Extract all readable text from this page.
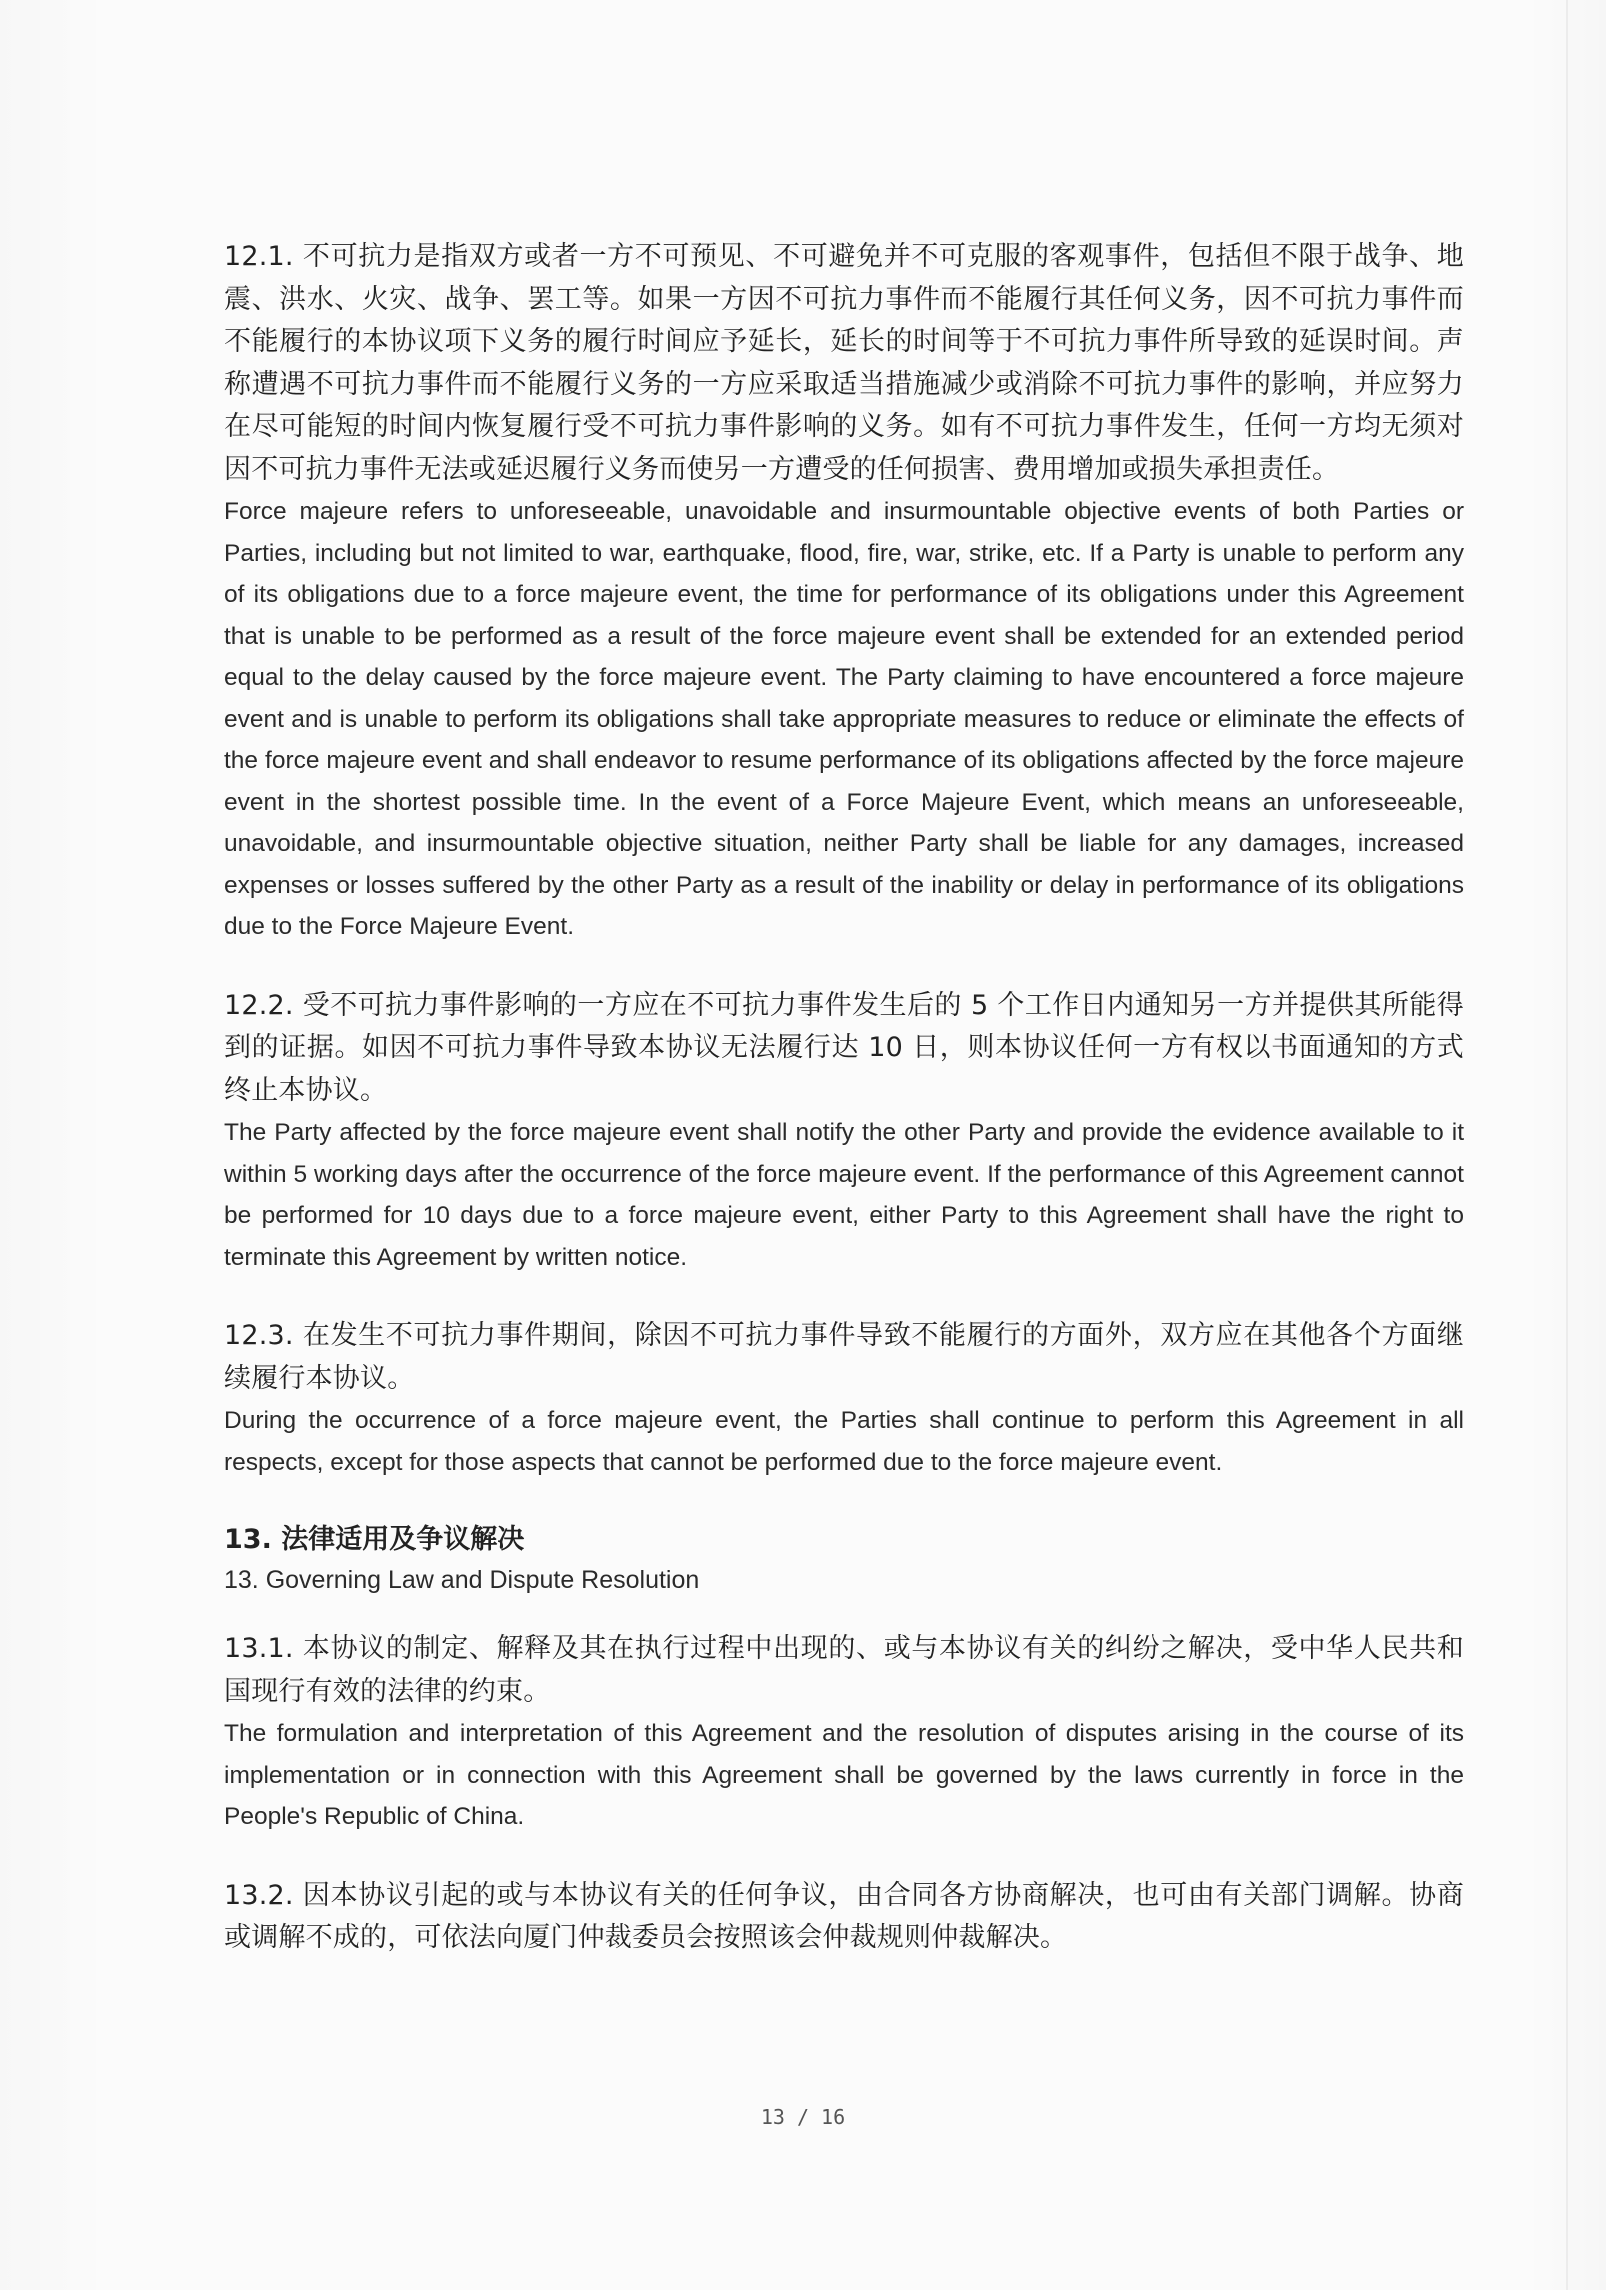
12.1. 不可抗力是指双方或者一方不可预见、不可避免并不可克服的客观事件，包括但不限于战争、地震、洪水、火灾、战争、罢工等。如果一方因不可抗力事件而不能履行其任何义务，因不可抗力事件而不能履行的本协议项下义务的履行时间应予延长，延长的时间等于不可抗力事件所导致的延误时间。声称遭遇不可抗力事件而不能履行义务的一方应采取适当措施减少或消除不可抗力事件的影响，并应努力在尽可能短的时间内恢复履行受不可抗力事件影响的义务。如有不可抗力事件发生，任何一方均无须对因不可抗力事件无法或延迟履行义务而使另一方遭受的任何损害、费用增加或损失承担责任。

Force majeure refers to unforeseeable, unavoidable and insurmountable objective events of both Parties or Parties, including but not limited to war, earthquake, flood, fire, war, strike, etc. If a Party is unable to perform any of its obligations due to a force majeure event, the time for performance of its obligations under this Agreement that is unable to be performed as a result of the force majeure event shall be extended for an extended period equal to the delay caused by the force majeure event. The Party claiming to have encountered a force majeure event and is unable to perform its obligations shall take appropriate measures to reduce or eliminate the effects of the force majeure event and shall endeavor to resume performance of its obligations affected by the force majeure event in the shortest possible time. In the event of a Force Majeure Event, which means an unforeseeable, unavoidable, and insurmountable objective situation, neither Party shall be liable for any damages, increased expenses or losses suffered by the other Party as a result of the inability or delay in performance of its obligations due to the Force Majeure Event.

12.2. 受不可抗力事件影响的一方应在不可抗力事件发生后的 5 个工作日内通知另一方并提供其所能得到的证据。如因不可抗力事件导致本协议无法履行达 10 日，则本协议任何一方有权以书面通知的方式终止本协议。

The Party affected by the force majeure event shall notify the other Party and provide the evidence available to it within 5 working days after the occurrence of the force majeure event. If the performance of this Agreement cannot be performed for 10 days due to a force majeure event, either Party to this Agreement shall have the right to terminate this Agreement by written notice.

12.3. 在发生不可抗力事件期间，除因不可抗力事件导致不能履行的方面外，双方应在其他各个方面继续履行本协议。

During the occurrence of a force majeure event, the Parties shall continue to perform this Agreement in all respects, except for those aspects that cannot be performed due to the force majeure event.

13. 法律适用及争议解决

13. Governing Law and Dispute Resolution

13.1. 本协议的制定、解释及其在执行过程中出现的、或与本协议有关的纠纷之解决，受中华人民共和国现行有效的法律的约束。

The formulation and interpretation of this Agreement and the resolution of disputes arising in the course of its implementation or in connection with this Agreement shall be governed by the laws currently in force in the People's Republic of China.

13.2. 因本协议引起的或与本协议有关的任何争议，由合同各方协商解决，也可由有关部门调解。协商或调解不成的，可依法向厦门仲裁委员会按照该会仲裁规则仲裁解决。

13 / 16
